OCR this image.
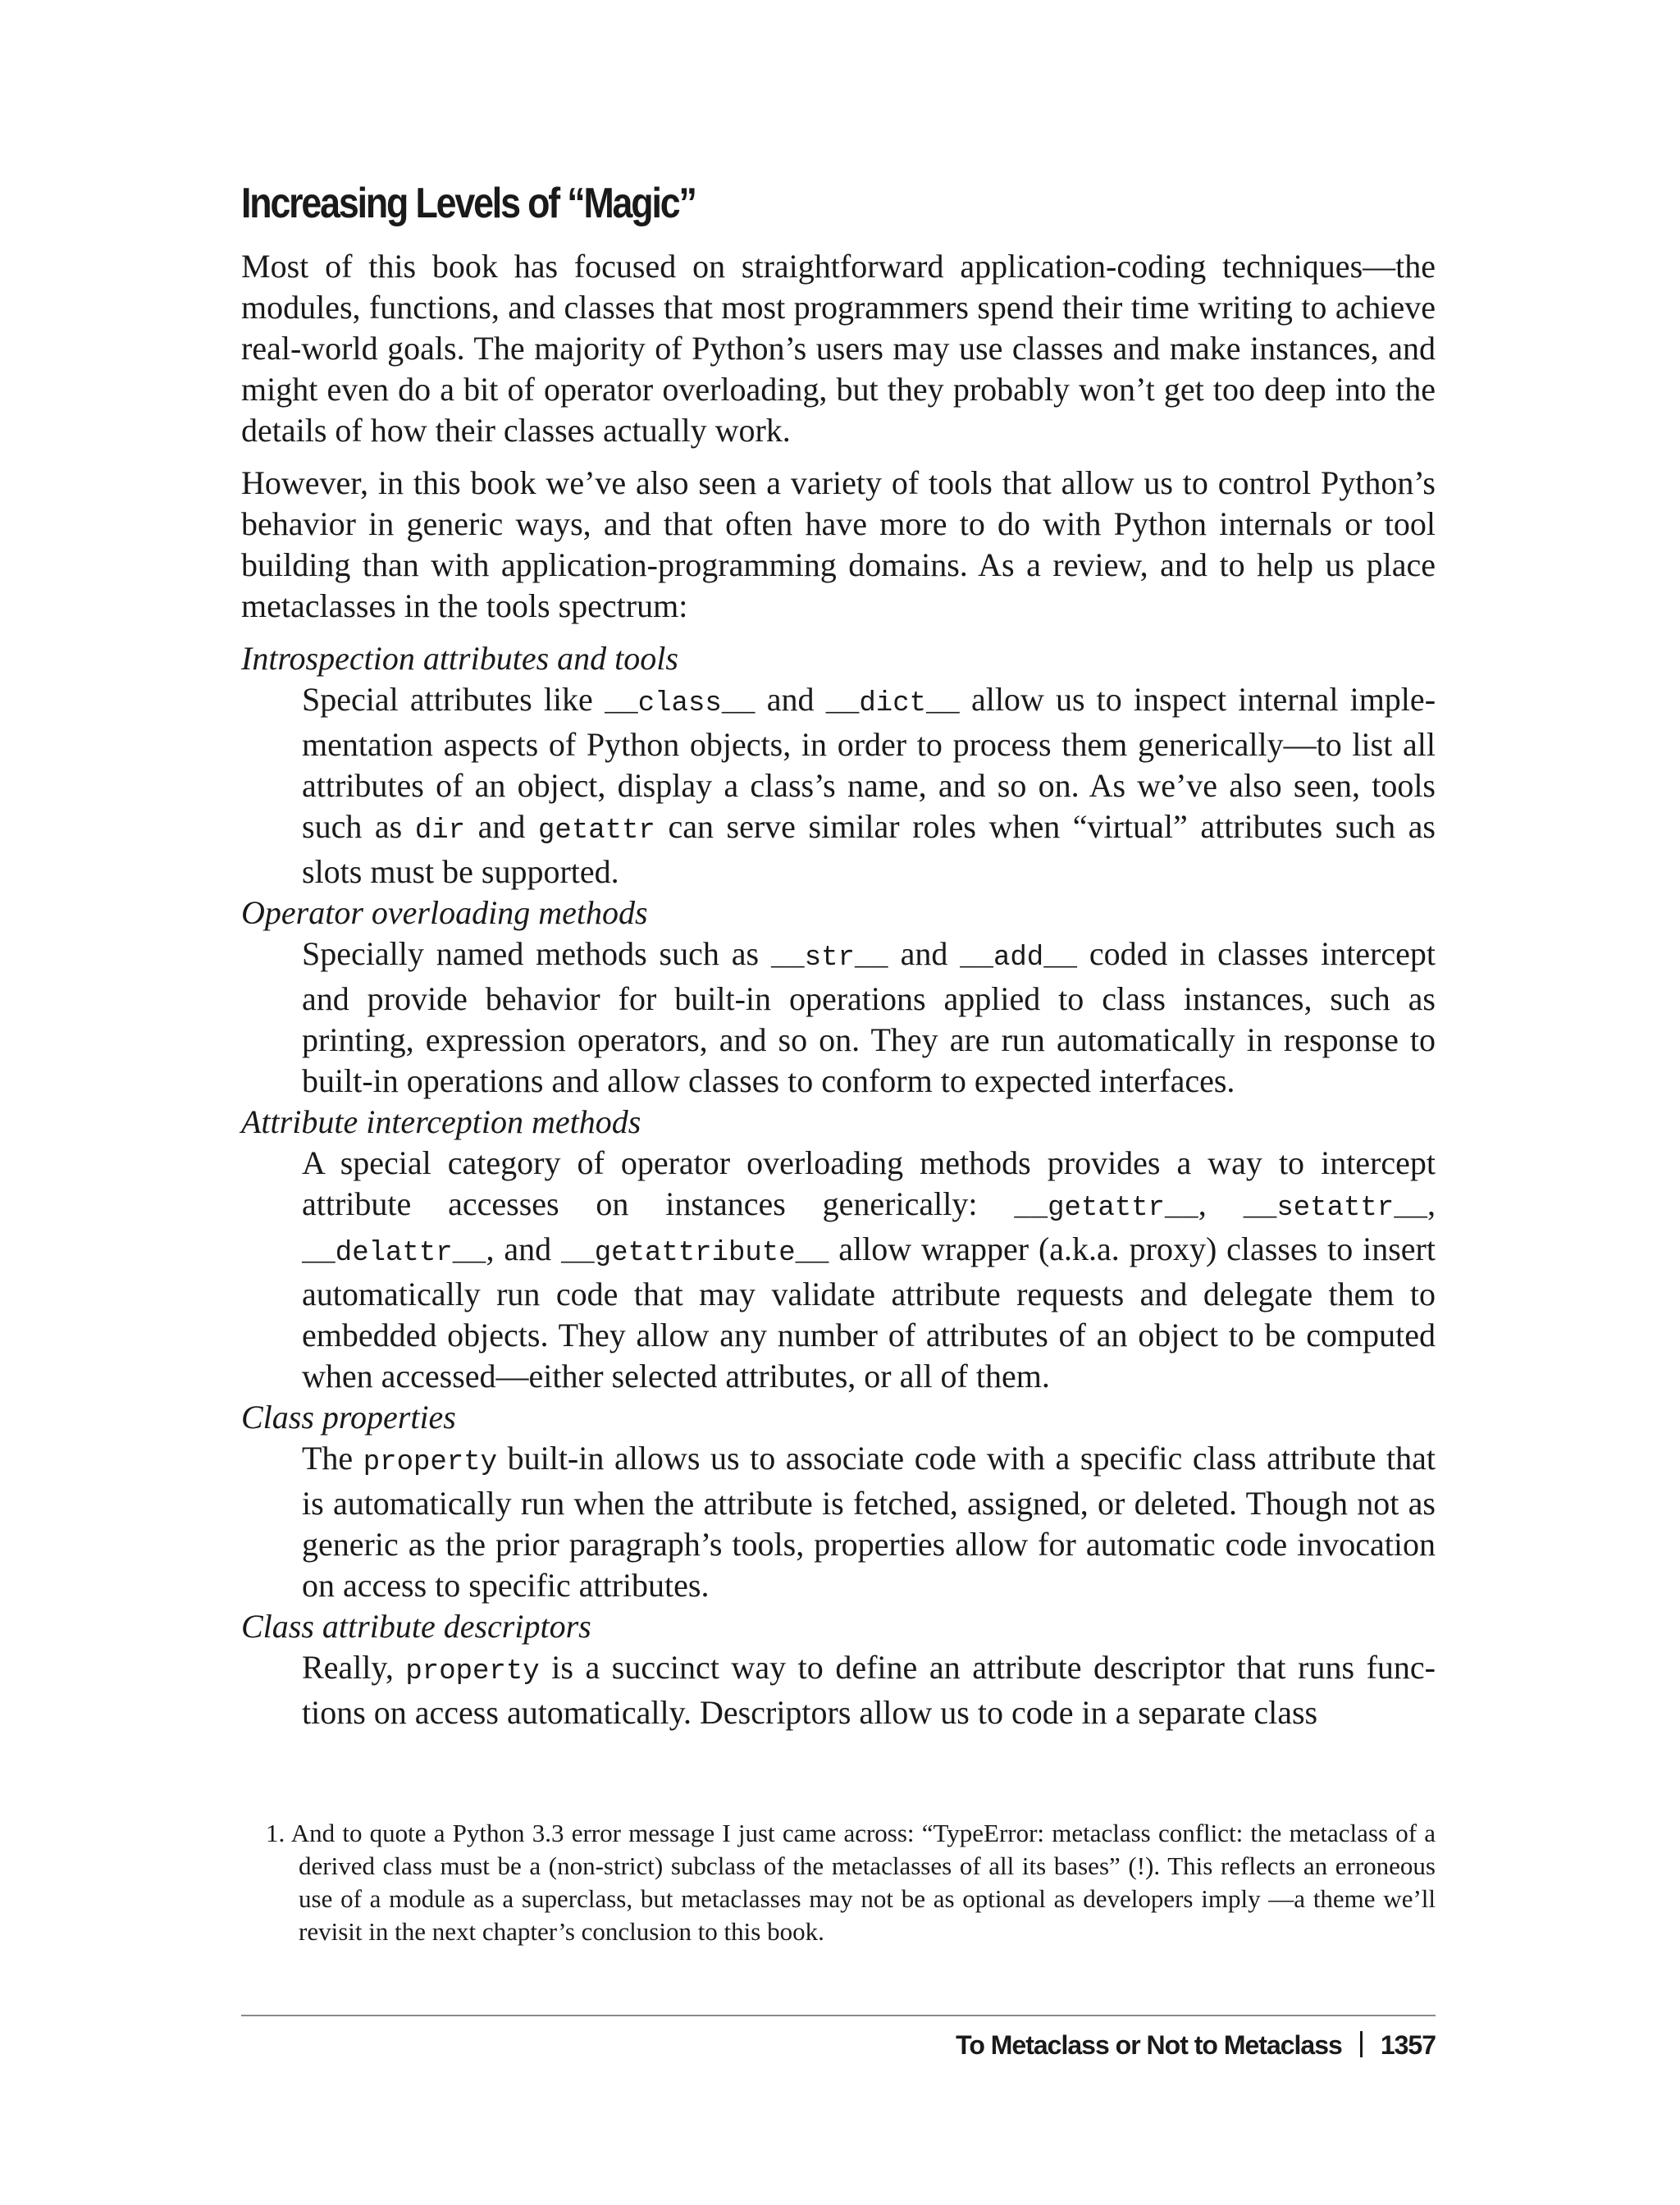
Increasing Levels of “Magic”

Most of this book has focused on straightforward application-coding techniques—the modules, functions, and classes that most programmers spend their time writing to achieve real-world goals. The majority of Python’s users may use classes and make instances, and might even do a bit of operator overloading, but they probably won’t get too deep into the details of how their classes actually work.

However, in this book we’ve also seen a variety of tools that allow us to control Python’s behavior in generic ways, and that often have more to do with Python internals or tool building than with application-programming domains. As a review, and to help us place metaclasses in the tools spectrum:

Introspection attributes and tools

Special attributes like __class__ and __dict__ allow us to inspect internal implementation aspects of Python objects, in order to process them generically—to list all attributes of an object, display a class’s name, and so on. As we’ve also seen, tools such as dir and getattr can serve similar roles when “virtual” attributes such as slots must be supported.

Operator overloading methods

Specially named methods such as __str__ and __add__ coded in classes intercept and provide behavior for built-in operations applied to class instances, such as printing, expression operators, and so on. They are run automatically in response to built-in operations and allow classes to conform to expected interfaces.

Attribute interception methods

A special category of operator overloading methods provides a way to intercept attribute accesses on instances generically: __getattr__, __setattr__, __delattr__, and __getattribute__ allow wrapper (a.k.a. proxy) classes to insert automatically run code that may validate attribute requests and delegate them to embedded objects. They allow any number of attributes of an object to be computed when accessed—either selected attributes, or all of them.

Class properties

The property built-in allows us to associate code with a specific class attribute that is automatically run when the attribute is fetched, assigned, or deleted. Though not as generic as the prior paragraph’s tools, properties allow for automatic code invocation on access to specific attributes.

Class attribute descriptors

Really, property is a succinct way to define an attribute descriptor that runs functions on access automatically. Descriptors allow us to code in a separate class

1. And to quote a Python 3.3 error message I just came across: “TypeError: metaclass conflict: the metaclass of a derived class must be a (non-strict) subclass of the metaclasses of all its bases” (!). This reflects an erroneous use of a module as a superclass, but metaclasses may not be as optional as developers imply —a theme we’ll revisit in the next chapter’s conclusion to this book.

To Metaclass or Not to Metaclass 1357
